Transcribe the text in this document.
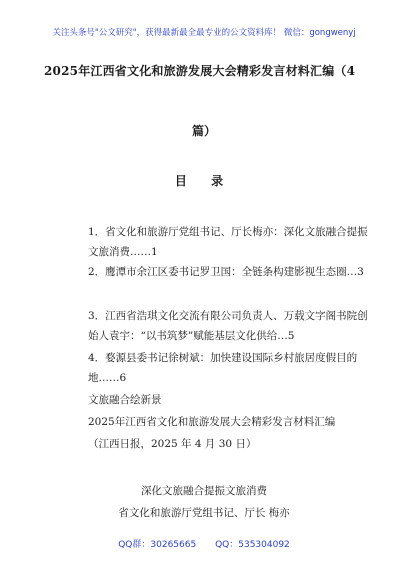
关注头条号"公文研究"，获得最新最全最专业的公文资料库！ 微信：gongwenyj
2025年江西省文化和旅游发展大会精彩发言材料汇编（4
篇）
目 录
1．省文化和旅游厅党组书记、厅长梅亦：深化文旅融合提振文旅消费……1
2．鹰潭市余江区委书记罗卫国：全链条构建影视生态圈…3
3．江西省浩琪文化交流有限公司负责人、万载文字阁书院创始人袁宇：“以书筑梦”赋能基层文化供给…5
4．婺源县委书记徐树斌：加快建设国际乡村旅居度假目的地……6
文旅融合绘新景
2025年江西省文化和旅游发展大会精彩发言材料汇编
（江西日报，2025 年 4 月 30 日）
深化文旅融合提振文旅消费
省文化和旅游厅党组书记、厅长 梅亦
QQ群：30265665 QQ：535304092
